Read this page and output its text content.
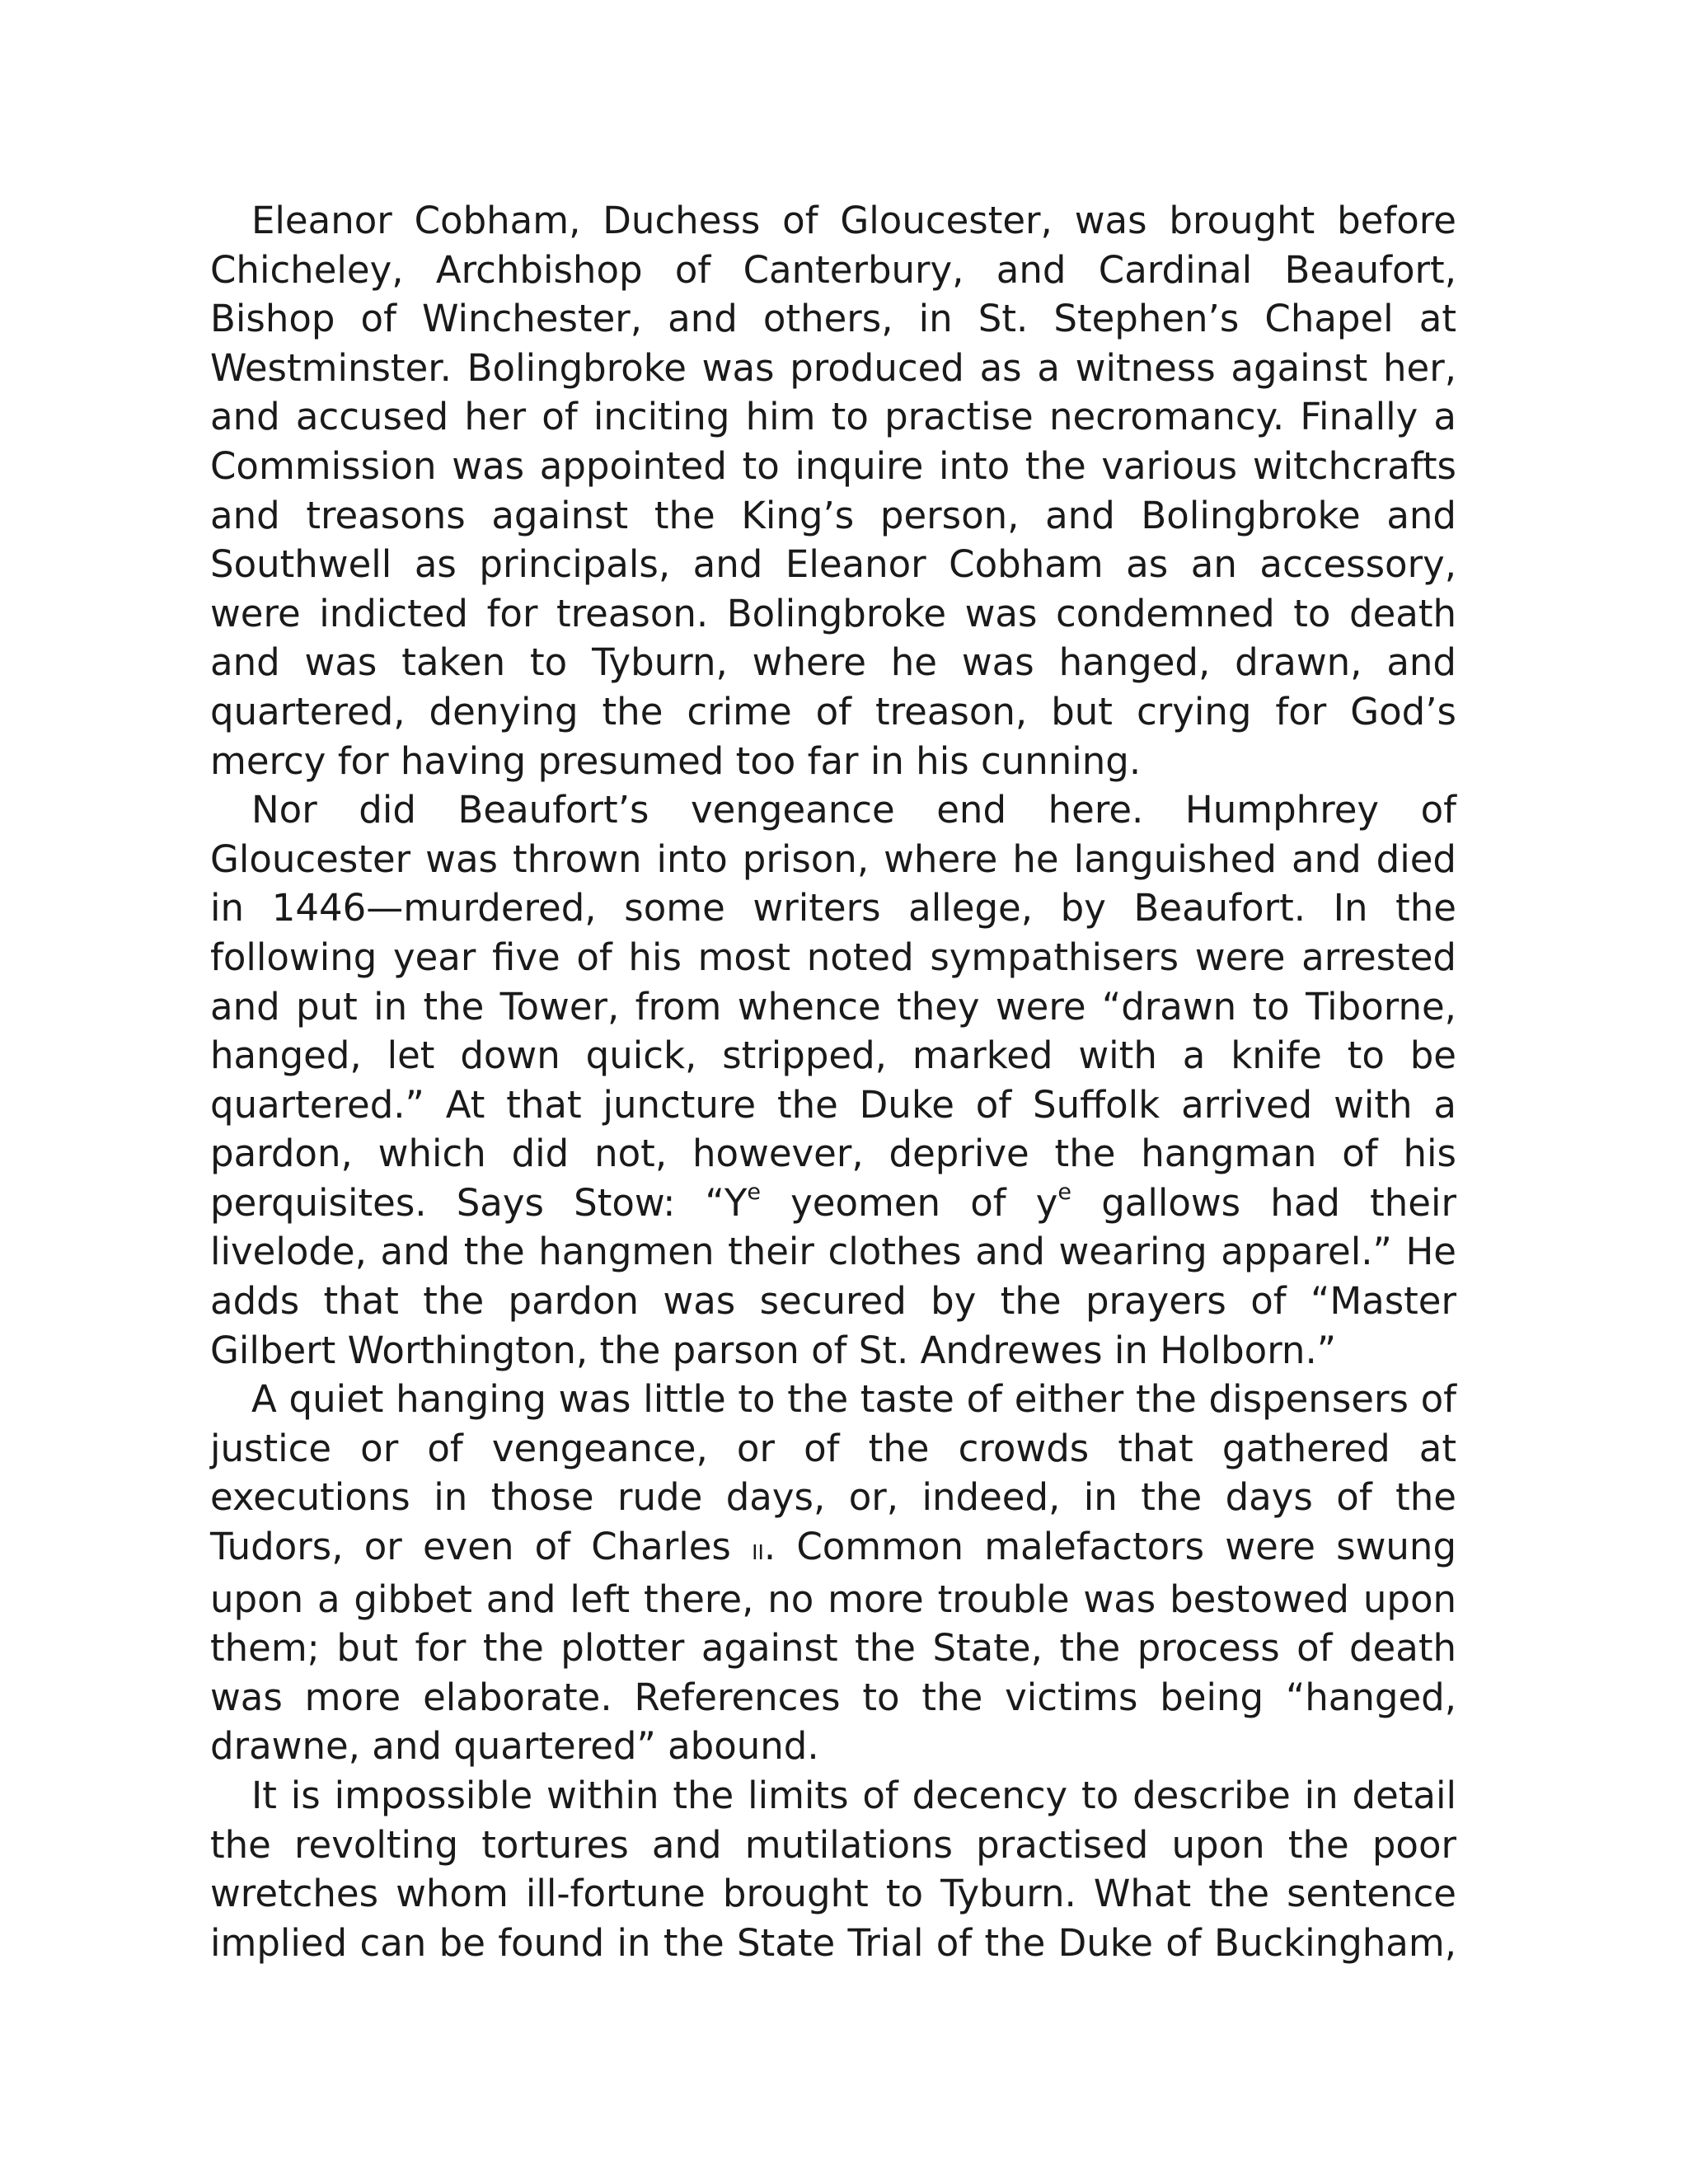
Eleanor Cobham, Duchess of Gloucester, was brought before Chicheley, Archbishop of Canterbury, and Cardinal Beaufort, Bishop of Winchester, and others, in St. Stephen’s Chapel at Westminster. Bolingbroke was produced as a witness against her, and accused her of inciting him to practise necromancy. Finally a Commission was appointed to inquire into the various witchcrafts and treasons against the King’s person, and Bolingbroke and Southwell as principals, and Eleanor Cobham as an accessory, were indicted for treason. Bolingbroke was condemned to death and was taken to Tyburn, where he was hanged, drawn, and quartered, denying the crime of treason, but crying for God’s mercy for having presumed too far in his cunning.

Nor did Beaufort’s vengeance end here. Humphrey of Gloucester was thrown into prison, where he languished and died in 1446—murdered, some writers allege, by Beaufort. In the following year five of his most noted sympathisers were arrested and put in the Tower, from whence they were “drawn to Tiborne, hanged, let down quick, stripped, marked with a knife to be quartered.” At that juncture the Duke of Suffolk arrived with a pardon, which did not, however, deprive the hangman of his perquisites. Says Stow: “$Y^e$ yeomen of $y^e$ gallows had their livelode, and the hangmen their clothes and wearing apparel.” He adds that the pardon was secured by the prayers of “Master Gilbert Worthington, the parson of St. Andrewes in Holborn.”

A quiet hanging was little to the taste of either the dispensers of justice or of vengeance, or of the crowds that gathered at executions in those rude days, or, indeed, in the days of the Tudors, or even of Charles ii. Common malefactors were swung upon a gibbet and left there, no more trouble was bestowed upon them; but for the plotter against the State, the process of death was more elaborate. References to the victims being “hanged, drawne, and quartered” abound.

It is impossible within the limits of decency to describe in detail the revolting tortures and mutilations practised upon the poor wretches whom ill-fortune brought to Tyburn. What the sentence implied can be found in the State Trial of the Duke of Buckingham,
